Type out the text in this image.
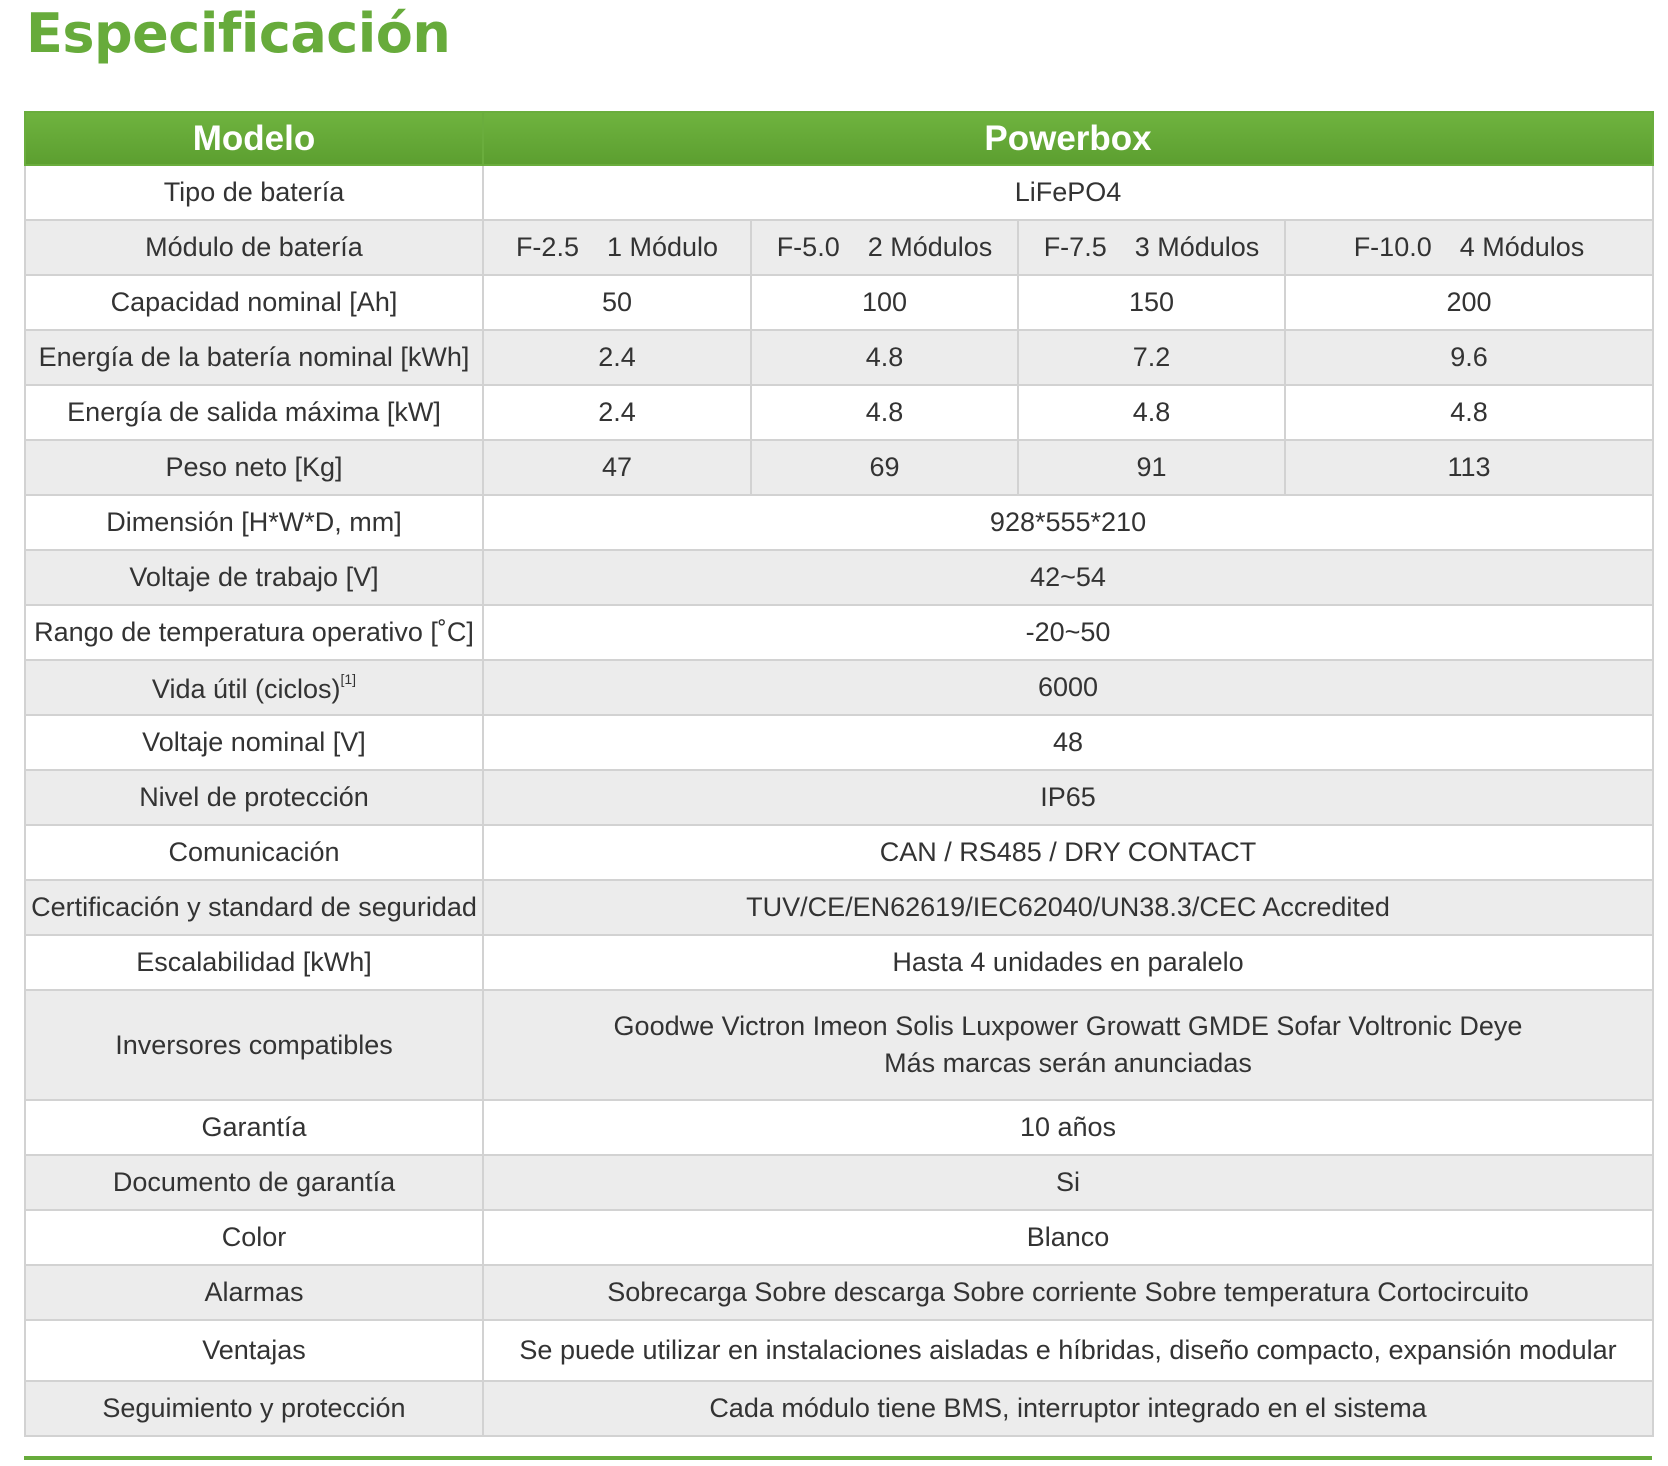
Especificación
Modelo	Powerbox			
Tipo de batería	LiFePO4			
Módulo de batería	F-2.5 1 Módulo	F-5.0 2 Módulos	F-7.5 3 Módulos	F-10.0 4 Módulos
Capacidad nominal [Ah]	50	100	150	200
Energía de la batería nominal [kWh]	2.4	4.8	7.2	9.6
Energía de salida máxima [kW]	2.4	4.8	4.8	4.8
Peso neto [Kg]	47	69	91	113
Dimensión [H*W*D, mm]	928*555*210			
Voltaje de trabajo [V]	42~54			
Rango de temperatura operativo [˚C]	-20~50			
Vida útil (ciclos)[1]	6000			
Voltaje nominal [V]	48			
Nivel de protección	IP65			
Comunicación	CAN / RS485 / DRY CONTACT			
Certificación y standard de seguridad	TUV/CE/EN62619/IEC62040/UN38.3/CEC Accredited			
Escalabilidad [kWh]	Hasta 4 unidades en paralelo			
Inversores compatibles	Goodwe Victron Imeon Solis Luxpower Growatt GMDE Sofar Voltronic Deye
Más marcas serán anunciadas			

Garantía	10 años			
Documento de garantía	Si			
Color	Blanco			
Alarmas	Sobrecarga Sobre descarga Sobre corriente Sobre temperatura Cortocircuito			
Ventajas	Se puede utilizar en instalaciones aisladas e híbridas, diseño compacto, expansión modular			
Seguimiento y protección	Cada módulo tiene BMS, interruptor integrado en el sistema			
